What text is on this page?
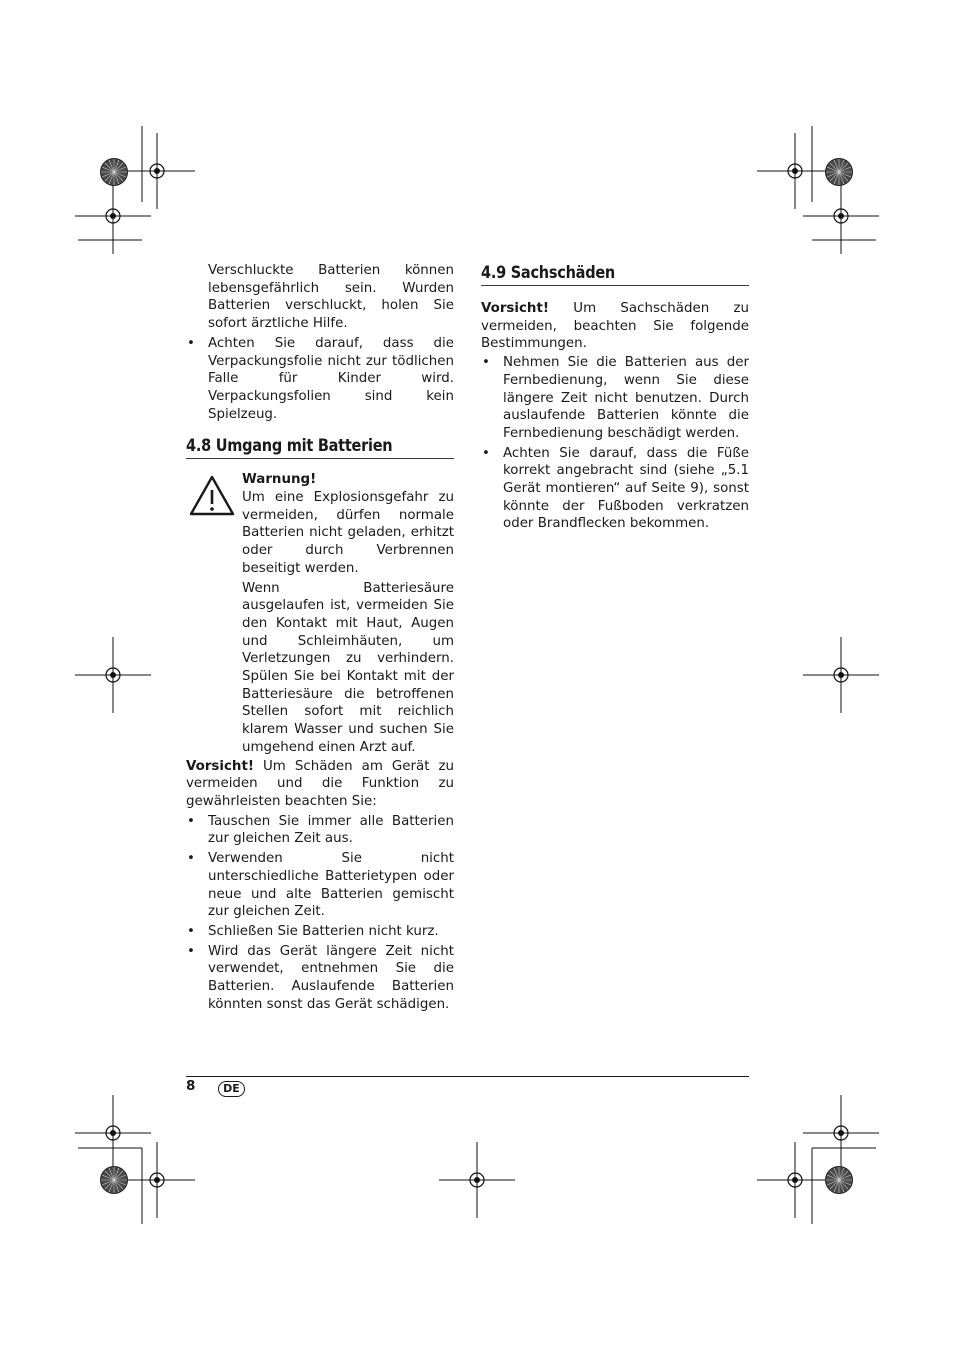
Verschluckte Batterien können lebensgefährlich sein. Wurden Batterien verschluckt, holen Sie sofort ärztliche Hilfe.

• Achten Sie darauf, dass die Verpackungsfolie nicht zur tödlichen Falle für Kinder wird. Verpackungsfolien sind kein Spielzeug.
4.8 Umgang mit Batterien
Warnung!

Um eine Explosionsgefahr zu vermeiden, dürfen normale Batterien nicht geladen, erhitzt oder durch Verbrennen beseitigt werden.

Wenn Batteriesäure ausgelaufen ist, vermeiden Sie den Kontakt mit Haut, Augen und Schleimhäuten, um Verletzungen zu verhindern. Spülen Sie bei Kontakt mit der Batteriesäure die betroffenen Stellen sofort mit reichlich klarem Wasser und suchen Sie umgehend einen Arzt auf.

Vorsicht! Um Schäden am Gerät zu vermeiden und die Funktion zu gewährleisten beachten Sie:

• Tauschen Sie immer alle Batterien zur gleichen Zeit aus.
• Verwenden Sie nicht unterschiedliche Batterietypen oder neue und alte Batterien gemischt zur gleichen Zeit.
• Schließen Sie Batterien nicht kurz.
• Wird das Gerät längere Zeit nicht verwendet, entnehmen Sie die Batterien. Auslaufende Batterien könnten sonst das Gerät schädigen.
4.9 Sachschäden

Vorsicht! Um Sachschäden zu vermeiden, beachten Sie folgende Bestimmungen.

• Nehmen Sie die Batterien aus der Fernbedienung, wenn Sie diese längere Zeit nicht benutzen. Durch auslaufende Batterien könnte die Fernbedienung beschädigt werden.
• Achten Sie darauf, dass die Füße korrekt angebracht sind (siehe „5.1 Gerät montieren“ auf Seite 9), sonst könnte der Fußboden verkratzen oder Brandflecken bekommen.
8	DE
